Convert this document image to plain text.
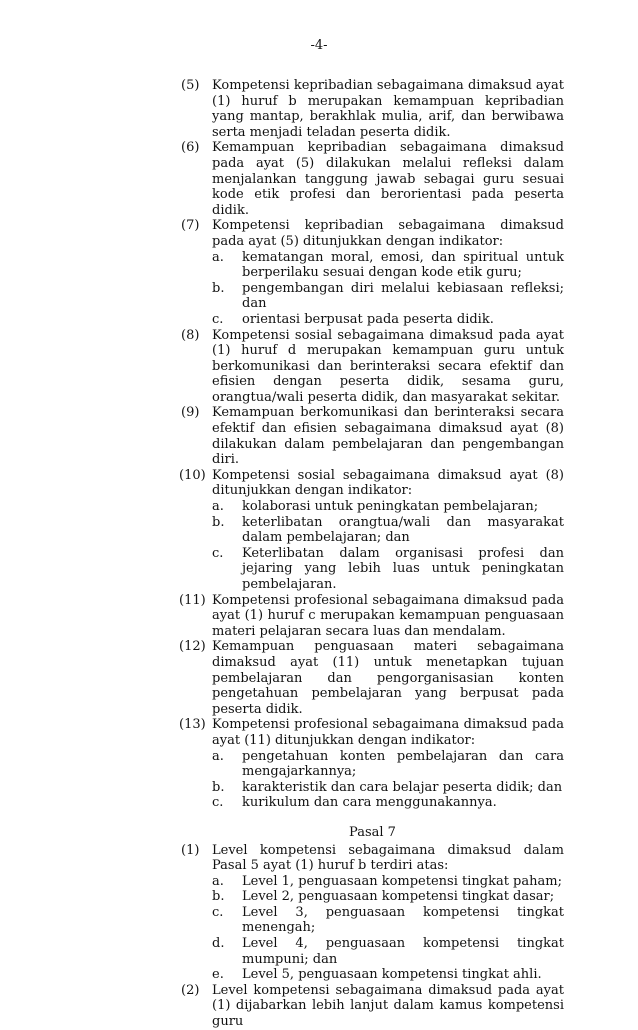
-4-
(5) Kompetensi kepribadian sebagaimana dimaksud ayat (1) huruf b merupakan kemampuan kepribadian yang mantap, berakhlak mulia, arif, dan berwibawa serta menjadi teladan peserta didik.
(6) Kemampuan kepribadian sebagaimana dimaksud pada ayat (5) dilakukan melalui refleksi dalam menjalankan tanggung jawab sebagai guru sesuai kode etik profesi dan berorientasi pada peserta didik.
(7) Kompetensi kepribadian sebagaimana dimaksud pada ayat (5) ditunjukkan dengan indikator:
a.	kematangan moral, emosi, dan spiritual untuk berperilaku sesuai dengan kode etik guru;
b.	pengembangan diri melalui kebiasaan refleksi; dan
c.	orientasi berpusat pada peserta didik.
(8) Kompetensi sosial sebagaimana dimaksud pada ayat (1) huruf d merupakan kemampuan guru untuk berkomunikasi dan berinteraksi secara efektif dan efisien dengan peserta didik, sesama guru, orangtua/wali peserta didik, dan masyarakat sekitar.
(9) Kemampuan berkomunikasi dan berinteraksi secara efektif dan efisien sebagaimana dimaksud ayat (8) dilakukan dalam pembelajaran dan pengembangan diri.
(10) Kompetensi sosial sebagaimana dimaksud ayat (8) ditunjukkan dengan indikator:
a.	kolaborasi untuk peningkatan pembelajaran;
b.	keterlibatan orangtua/wali dan masyarakat dalam pembelajaran; dan
c.	Keterlibatan dalam organisasi profesi dan jejaring yang lebih luas untuk peningkatan pembelajaran.
(11) Kompetensi profesional sebagaimana dimaksud pada ayat (1) huruf c merupakan kemampuan penguasaan materi pelajaran secara luas dan mendalam.
(12) Kemampuan penguasaan materi sebagaimana dimaksud ayat (11) untuk menetapkan tujuan pembelajaran dan pengorganisasian konten pengetahuan pembelajaran yang berpusat pada peserta didik.
(13) Kompetensi profesional sebagaimana dimaksud pada ayat (11) ditunjukkan dengan indikator:
a.	pengetahuan konten pembelajaran dan cara mengajarkannya;
b.	karakteristik dan cara belajar peserta didik; dan
c.	kurikulum dan cara menggunakannya.
Pasal 7
(1) Level kompetensi sebagaimana dimaksud dalam Pasal 5 ayat (1) huruf b terdiri atas:
a.	Level 1, penguasaan kompetensi tingkat paham;
b.	Level 2, penguasaan kompetensi tingkat dasar;
c.	Level 3, penguasaan kompetensi tingkat menengah;
d.	Level 4, penguasaan kompetensi tingkat mumpuni; dan
e.	Level 5, penguasaan kompetensi tingkat ahli.
(2) Level kompetensi sebagaimana dimaksud pada ayat (1) dijabarkan lebih lanjut dalam kamus kompetensi guru
